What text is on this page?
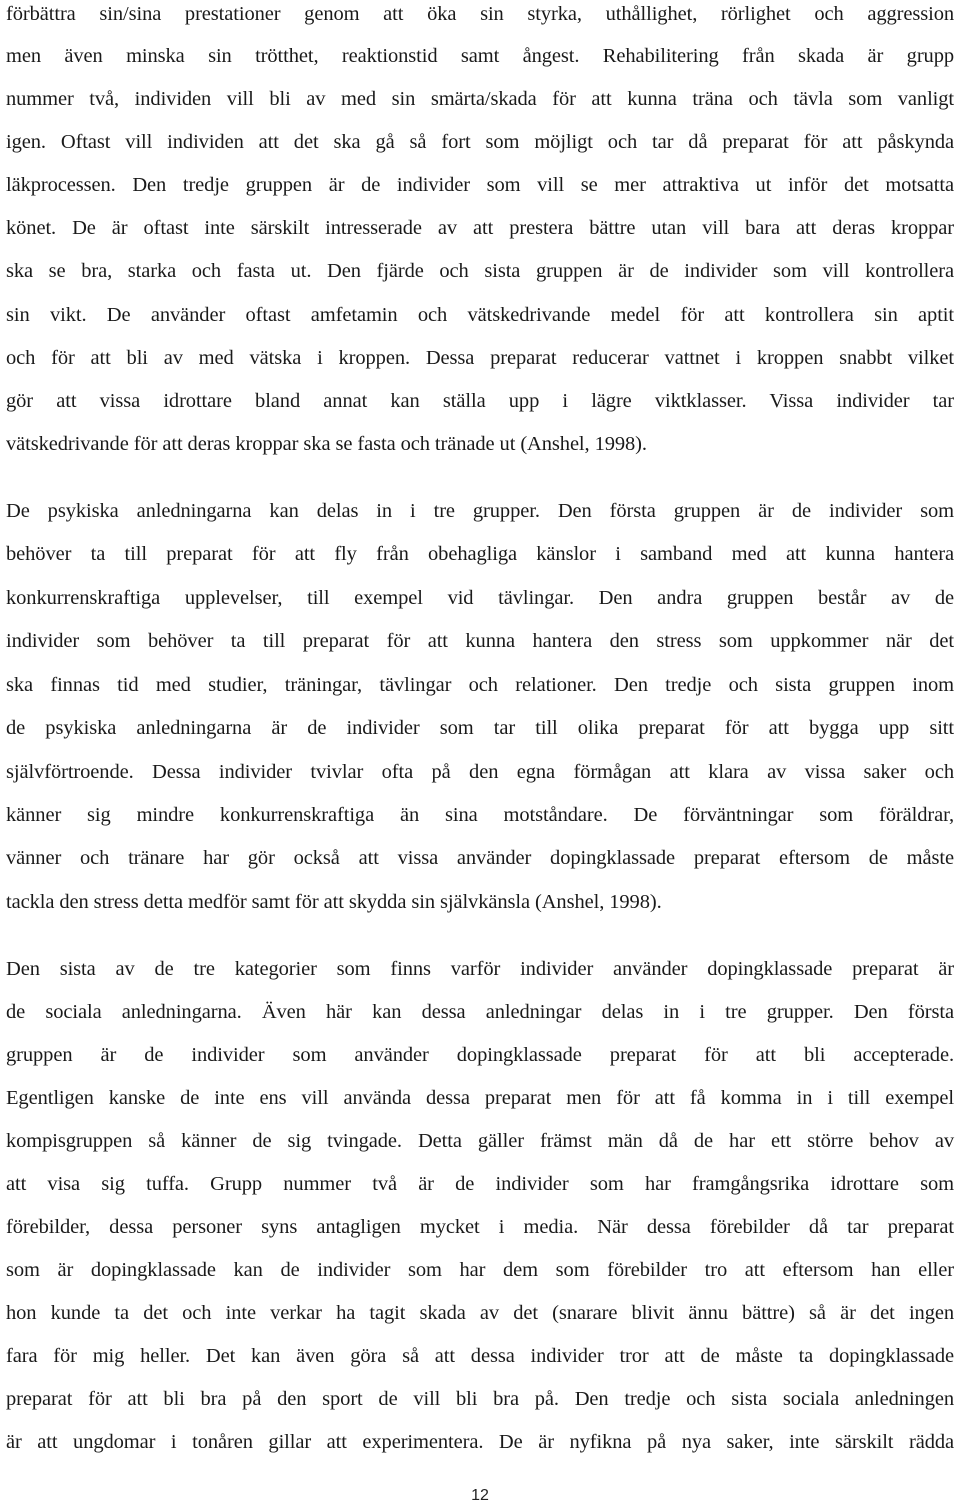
förbättra sin/sina prestationer genom att öka sin styrka, uthållighet, rörlighet och aggression
men även minska sin trötthet, reaktionstid samt ångest. Rehabilitering från skada är grupp
nummer två, individen vill bli av med sin smärta/skada för att kunna träna och tävla som vanligt
igen. Oftast vill individen att det ska gå så fort som möjligt och tar då preparat för att påskynda
läkprocessen. Den tredje gruppen är de individer som vill se mer attraktiva ut inför det motsatta
könet. De är oftast inte särskilt intresserade av att prestera bättre utan vill bara att deras kroppar
ska se bra, starka och fasta ut. Den fjärde och sista gruppen är de individer som vill kontrollera
sin vikt. De använder oftast amfetamin och vätskedrivande medel för att kontrollera sin aptit
och för att bli av med vätska i kroppen. Dessa preparat reducerar vattnet i kroppen snabbt vilket
gör att vissa idrottare bland annat kan ställa upp i lägre viktklasser. Vissa individer tar
vätskedrivande för att deras kroppar ska se fasta och tränade ut (Anshel, 1998).
De psykiska anledningarna kan delas in i tre grupper. Den första gruppen är de individer som
behöver ta till preparat för att fly från obehagliga känslor i samband med att kunna hantera
konkurrenskraftiga upplevelser, till exempel vid tävlingar. Den andra gruppen består av de
individer som behöver ta till preparat för att kunna hantera den stress som uppkommer när det
ska finnas tid med studier, träningar, tävlingar och relationer. Den tredje och sista gruppen inom
de psykiska anledningarna är de individer som tar till olika preparat för att bygga upp sitt
självförtroende. Dessa individer tvivlar ofta på den egna förmågan att klara av vissa saker och
känner sig mindre konkurrenskraftiga än sina motståndare. De förväntningar som föräldrar,
vänner och tränare har gör också att vissa använder dopingklassade preparat eftersom de måste
tackla den stress detta medför samt för att skydda sin självkänsla (Anshel, 1998).
Den sista av de tre kategorier som finns varför individer använder dopingklassade preparat är
de sociala anledningarna. Även här kan dessa anledningar delas in i tre grupper. Den första
gruppen är de individer som använder dopingklassade preparat för att bli accepterade.
Egentligen kanske de inte ens vill använda dessa preparat men för att få komma in i till exempel
kompisgruppen så känner de sig tvingade. Detta gäller främst män då de har ett större behov av
att visa sig tuffa. Grupp nummer två är de individer som har framgångsrika idrottare som
förebilder, dessa personer syns antagligen mycket i media. När dessa förebilder då tar preparat
som är dopingklassade kan de individer som har dem som förebilder tro att eftersom han eller
hon kunde ta det och inte verkar ha tagit skada av det (snarare blivit ännu bättre) så är det ingen
fara för mig heller. Det kan även göra så att dessa individer tror att de måste ta dopingklassade
preparat för att bli bra på den sport de vill bli bra på. Den tredje och sista sociala anledningen
är att ungdomar i tonåren gillar att experimentera. De är nyfikna på nya saker, inte särskilt rädda
12
